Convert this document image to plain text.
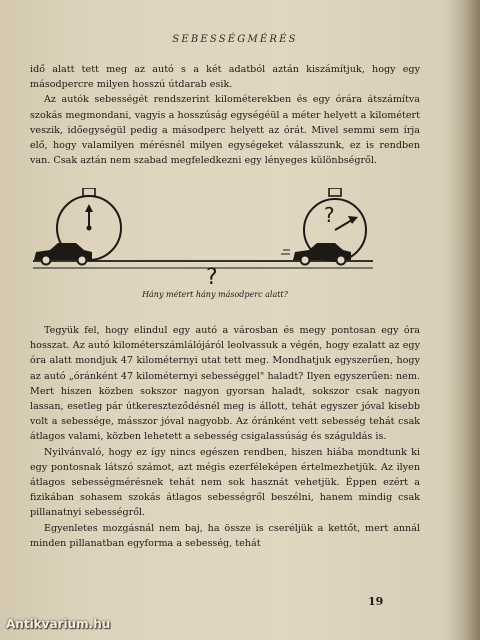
SEBESSÉGMÉRÉS

idő alatt tett meg az autó s a két adatból aztán kiszámítjuk, hogy egy másodpercre milyen hosszú útdarab esik.

Az autók sebességét rendszerint kilométerekben és egy órára átszámítva szokás megmondani, vagyis a hosszúság egységéül a méter helyett a kilométert veszik, időegységül pedig a másodperc helyett az órát. Mivel semmi sem írja elő, hogy valamilyen mérésnél milyen egységeket válasszunk, ez is rendben van. Csak aztán nem szabad megfeledkezni egy lényeges különbségről.

?
?
Hány métert hány másodperc alatt?

Tegyük fel, hogy elindul egy autó a városban és megy pontosan egy óra hosszat. Az autó kilométerszámlálójáról leolvassuk a végén, hogy ezalatt az egy óra alatt mondjuk 47 kilométernyi utat tett meg. Mondhatjuk egyszerűen, hogy az autó „óránként 47 kilométernyi sebességgel" haladt? Ilyen egyszerűen: nem. Mert hiszen közben sokszor nagyon gyorsan haladt, sokszor csak nagyon lassan, esetleg pár útkereszteződésnél meg is állott, tehát egyszer jóval kisebb volt a sebessége, másszor jóval nagyobb. Az óránként vett sebesség tehát csak átlagos valami, közben lehetett a sebesség csigalassúság és száguldás is.

Nyilvánvaló, hogy ez így nincs egészen rendben, hiszen hiába mondtunk ki egy pontosnak látszó számot, azt mégis ezerféleképen értelmezhetjük. Az ilyen átlagos sebességmérésnek tehát nem sok hasznát vehetjük. Éppen ezért a fizikában sohasem szokás átlagos sebességről beszélni, hanem mindig csak pillanatnyi sebességről.

Egyenletes mozgásnál nem baj, ha össze is cseréljük a kettőt, mert annál minden pillanatban egyforma a sebesség, tehát

19
Antikvarium.hu
